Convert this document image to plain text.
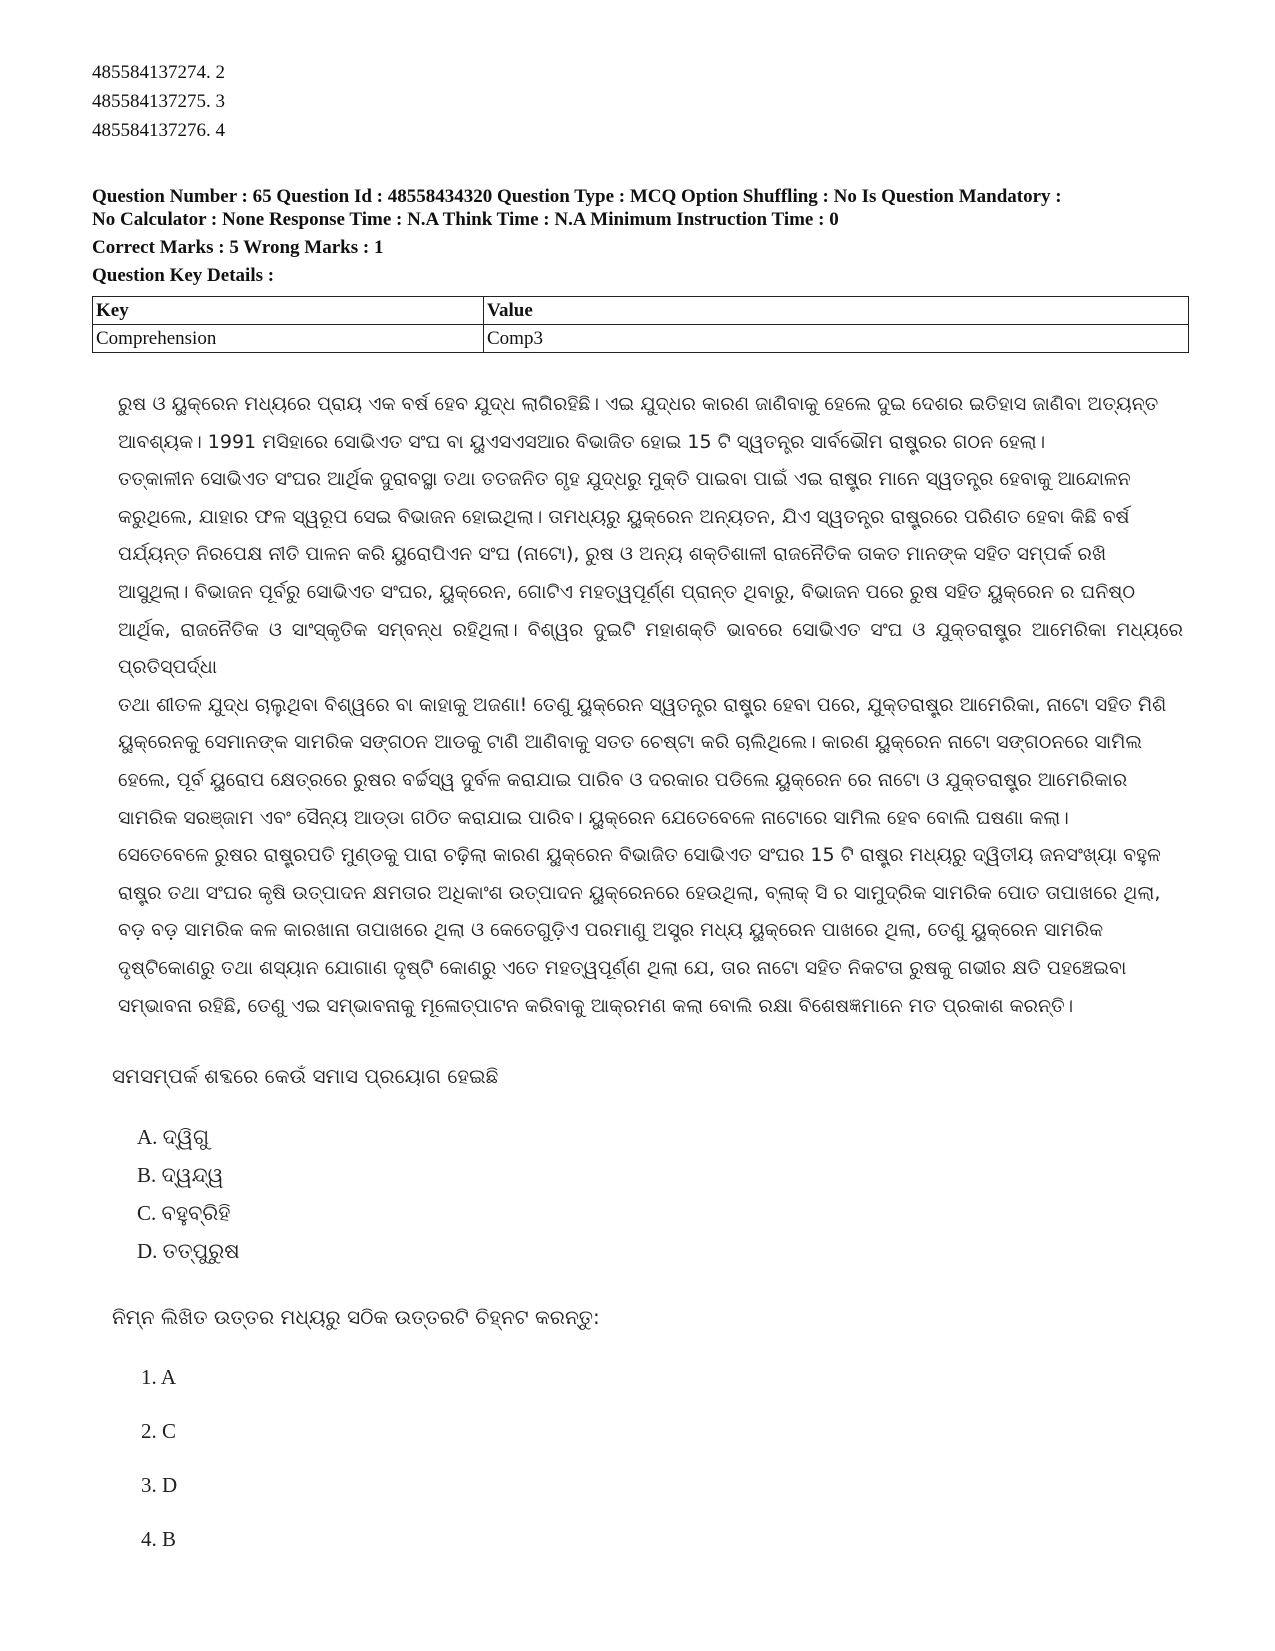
485584137274. 2
485584137275. 3
485584137276. 4
Question Number : 65 Question Id : 48558434320 Question Type : MCQ Option Shuffling : No Is Question Mandatory :
No Calculator : None Response Time : N.A Think Time : N.A Minimum Instruction Time : 0
Correct Marks : 5 Wrong Marks : 1
Question Key Details :
Key	Value
Comprehension	Comp3
ରୁଷ ଓ ୟୁକ୍ରେନ ମଧ୍ୟରେ ପ୍ରାୟ ଏକ ବର୍ଷ ହେବ ଯୁଦ୍ଧ ଲାଗିରହିଛି। ଏଇ ଯୁଦ୍ଧର କାରଣ ଜାଣିବାକୁ ହେଲେ ଦୁଇ ଦେଶର ଇତିହାସ ଜାଣିବା ଅତ୍ୟନ୍ତ
ଆବଶ୍ୟକ। 1991 ମସିହାରେ ସୋଭିଏତ ସଂଘ ବା ୟୁଏସଏସଆର ବିଭାଜିତ ହୋଇ 15 ଟି ସ୍ୱତନ୍ତ୍ର ସାର୍ବଭୌମ ରାଷ୍ଟ୍ରର ଗଠନ ହେଲା।
ତତ୍କାଳୀନ ସୋଭିଏତ ସଂଘର ଆର୍ଥିକ ଦୁରାବସ୍ଥା ତଥା ତତଜନିତ ଗୃହ ଯୁଦ୍ଧରୁ ମୁକ୍ତି ପାଇବା ପାଇଁ ଏଇ ରାଷ୍ଟ୍ର ମାନେ ସ୍ୱତନ୍ତ୍ର ହେବାକୁ ଆନ୍ଦୋଳନ
କରୁଥିଲେ, ଯାହାର ଫଳ ସ୍ୱରୂପ ସେଇ ବିଭାଜନ ହୋଇଥିଲା। ତାମଧ୍ୟରୁ ୟୁକ୍ରେନ ଅନ୍ୟତନ, ଯିଏ ସ୍ୱତନ୍ତ୍ର ରାଷ୍ଟ୍ରରେ ପରିଣତ ହେବା କିଛି ବର୍ଷ
ପର୍ଯ୍ୟନ୍ତ ନିରପେକ୍ଷ ନୀତି ପାଳନ କରି ୟୁରୋପିଏନ ସଂଘ (ନାଟୋ), ରୁଷ ଓ ଅନ୍ୟ ଶକ୍ତିଶାଳୀ ରାଜନୈତିକ ତାକତ ମାନଙ୍କ ସହିତ ସମ୍ପର୍କ ରଖି
ଆସୁଥିଲା। ବିଭାଜନ ପୂର୍ବରୁ ସୋଭିଏତ ସଂଘର, ୟୁକ୍ରେନ, ଗୋଟିଏ ମହତ୍ୱପୂର୍ଣ୍ଣ ପ୍ରାନ୍ତ ଥିବାରୁ, ବିଭାଜନ ପରେ ରୁଷ ସହିତ ୟୁକ୍ରେନ ର ଘନିଷ୍ଠ
ଆର୍ଥିକ, ରାଜନୈତିକ ଓ ସାଂସ୍କୃତିକ ସମ୍ବନ୍ଧ ରହିଥିଲା। ବିଶ୍ୱର ଦୁଇଟି ମହାଶକ୍ତି ଭାବରେ ସୋଭିଏତ ସଂଘ ଓ ଯୁକ୍ତରାଷ୍ଟ୍ର ଆମେରିକା ମଧ୍ୟରେ ପ୍ରତିସ୍ପର୍ଦ୍ଧା
ତଥା ଶୀତଳ ଯୁଦ୍ଧ ଚାଲୁଥିବା ବିଶ୍ୱରେ ବା କାହାକୁ ଅଜଣା! ତେଣୁ ୟୁକ୍ରେନ ସ୍ୱତନ୍ତ୍ର ରାଷ୍ଟ୍ର ହେବା ପରେ, ଯୁକ୍ତରାଷ୍ଟ୍ର ଆମେରିକା, ନାଟୋ ସହିତ ମିଶି
ୟୁକ୍ରେନକୁ ସେମାନଙ୍କ ସାମରିକ ସଙ୍ଗଠନ ଆଡକୁ ଟାଣି ଆଣିବାକୁ ସତତ ଚେଷ୍ଟା କରି ଚାଲିଥିଲେ। କାରଣ ୟୁକ୍ରେନ ନାଟୋ ସଙ୍ଗଠନରେ ସାମିଲ
ହେଲେ, ପୂର୍ବ ୟୁରୋପ କ୍ଷେତ୍ରରେ ରୁଷର ବର୍ଚ୍ଚସ୍ୱ ଦୁର୍ବଳ କରାଯାଇ ପାରିବ ଓ ଦରକାର ପଡିଲେ ୟୁକ୍ରେନ ରେ ନାଟୋ ଓ ଯୁକ୍ତରାଷ୍ଟ୍ର ଆମେରିକାର
ସାମରିକ ସରଞ୍ଜାମ ଏବଂ ସୈନ୍ୟ ଆଡ୍ଡା ଗଠିତ କରାଯାଇ ପାରିବ। ୟୁକ୍ରେନ ଯେତେବେଳେ ନାଟୋରେ ସାମିଲ ହେବ ବୋଲି ଘଷଣା କଲା।
ସେତେବେଳେ ରୁଷର ରାଷ୍ଟ୍ରପତି ମୁଣ୍ଡକୁ ପାରା ଚଢ଼ିଲା କାରଣ ୟୁକ୍ରେନ ବିଭାଜିତ ସୋଭିଏତ ସଂଘର 15 ଟି ରାଷ୍ଟ୍ର ମଧ୍ୟରୁ ଦ୍ୱିତୀୟ ଜନସଂଖ୍ୟା ବହୁଳ
ରାଷ୍ଟ୍ର ତଥା ସଂଘର କୃଷି ଉତ୍ପାଦନ କ୍ଷମତାର ଅଧିକାଂଶ ଉତ୍ପାଦନ ୟୁକ୍ରେନରେ ହେଉଥିଲା, ବ୍ଲାକ୍ ସି ର ସାମୁଦ୍ରିକ ସାମରିକ ପୋତ ତାପାଖରେ ଥିଲା,
ବଡ଼ ବଡ଼ ସାମରିକ କଳ କାରଖାନା ତାପାଖରେ ଥିଲା ଓ କେତେଗୁଡ଼ିଏ ପରମାଣୁ ଅସ୍ତ୍ର ମଧ୍ୟ ୟୁକ୍ରେନ ପାଖରେ ଥିଲା, ତେଣୁ ୟୁକ୍ରେନ ସାମରିକ
ଦୃଷ୍ଟିକୋଣରୁ ତଥା ଶସ୍ୟାନ ଯୋଗାଣ ଦୃଷ୍ଟି କୋଣରୁ ଏତେ ମହତ୍ୱପୂର୍ଣ୍ଣ ଥିଲା ଯେ, ତାର ନାଟୋ ସହିତ ନିକଟତା ରୁଷକୁ ଗଭୀର କ୍ଷତି ପହଞ୍ଚେଇବା
ସମ୍ଭାବନା ରହିଛି, ତେଣୁ ଏଇ ସମ୍ଭାବନାକୁ ମୂଳୋତ୍ପାଟନ କରିବାକୁ ଆକ୍ରମଣ କଲା ବୋଲି ରକ୍ଷା ବିଶେଷଜ୍ଞମାନେ ମତ ପ୍ରକାଶ କରନ୍ତି।
ସମସମ୍ପର୍କ ଶବ୍ଦରେ କେଉଁ ସମାସ ପ୍ରୟୋଗ ହେଇଛି
A. ଦ୍ୱିଗୁ
B. ଦ୍ୱନ୍ଦ୍ୱ
C. ବହୁବ୍ରିହି
D. ତତ୍ପୁରୁଷ
ନିମ୍ନ ଲିଖିତ ଉତ୍ତର ମଧ୍ୟରୁ ସଠିକ ଉତ୍ତରଟି ଚିହ୍ନଟ କରନ୍ତୁ:
1. A
2. C
3. D
4. B
